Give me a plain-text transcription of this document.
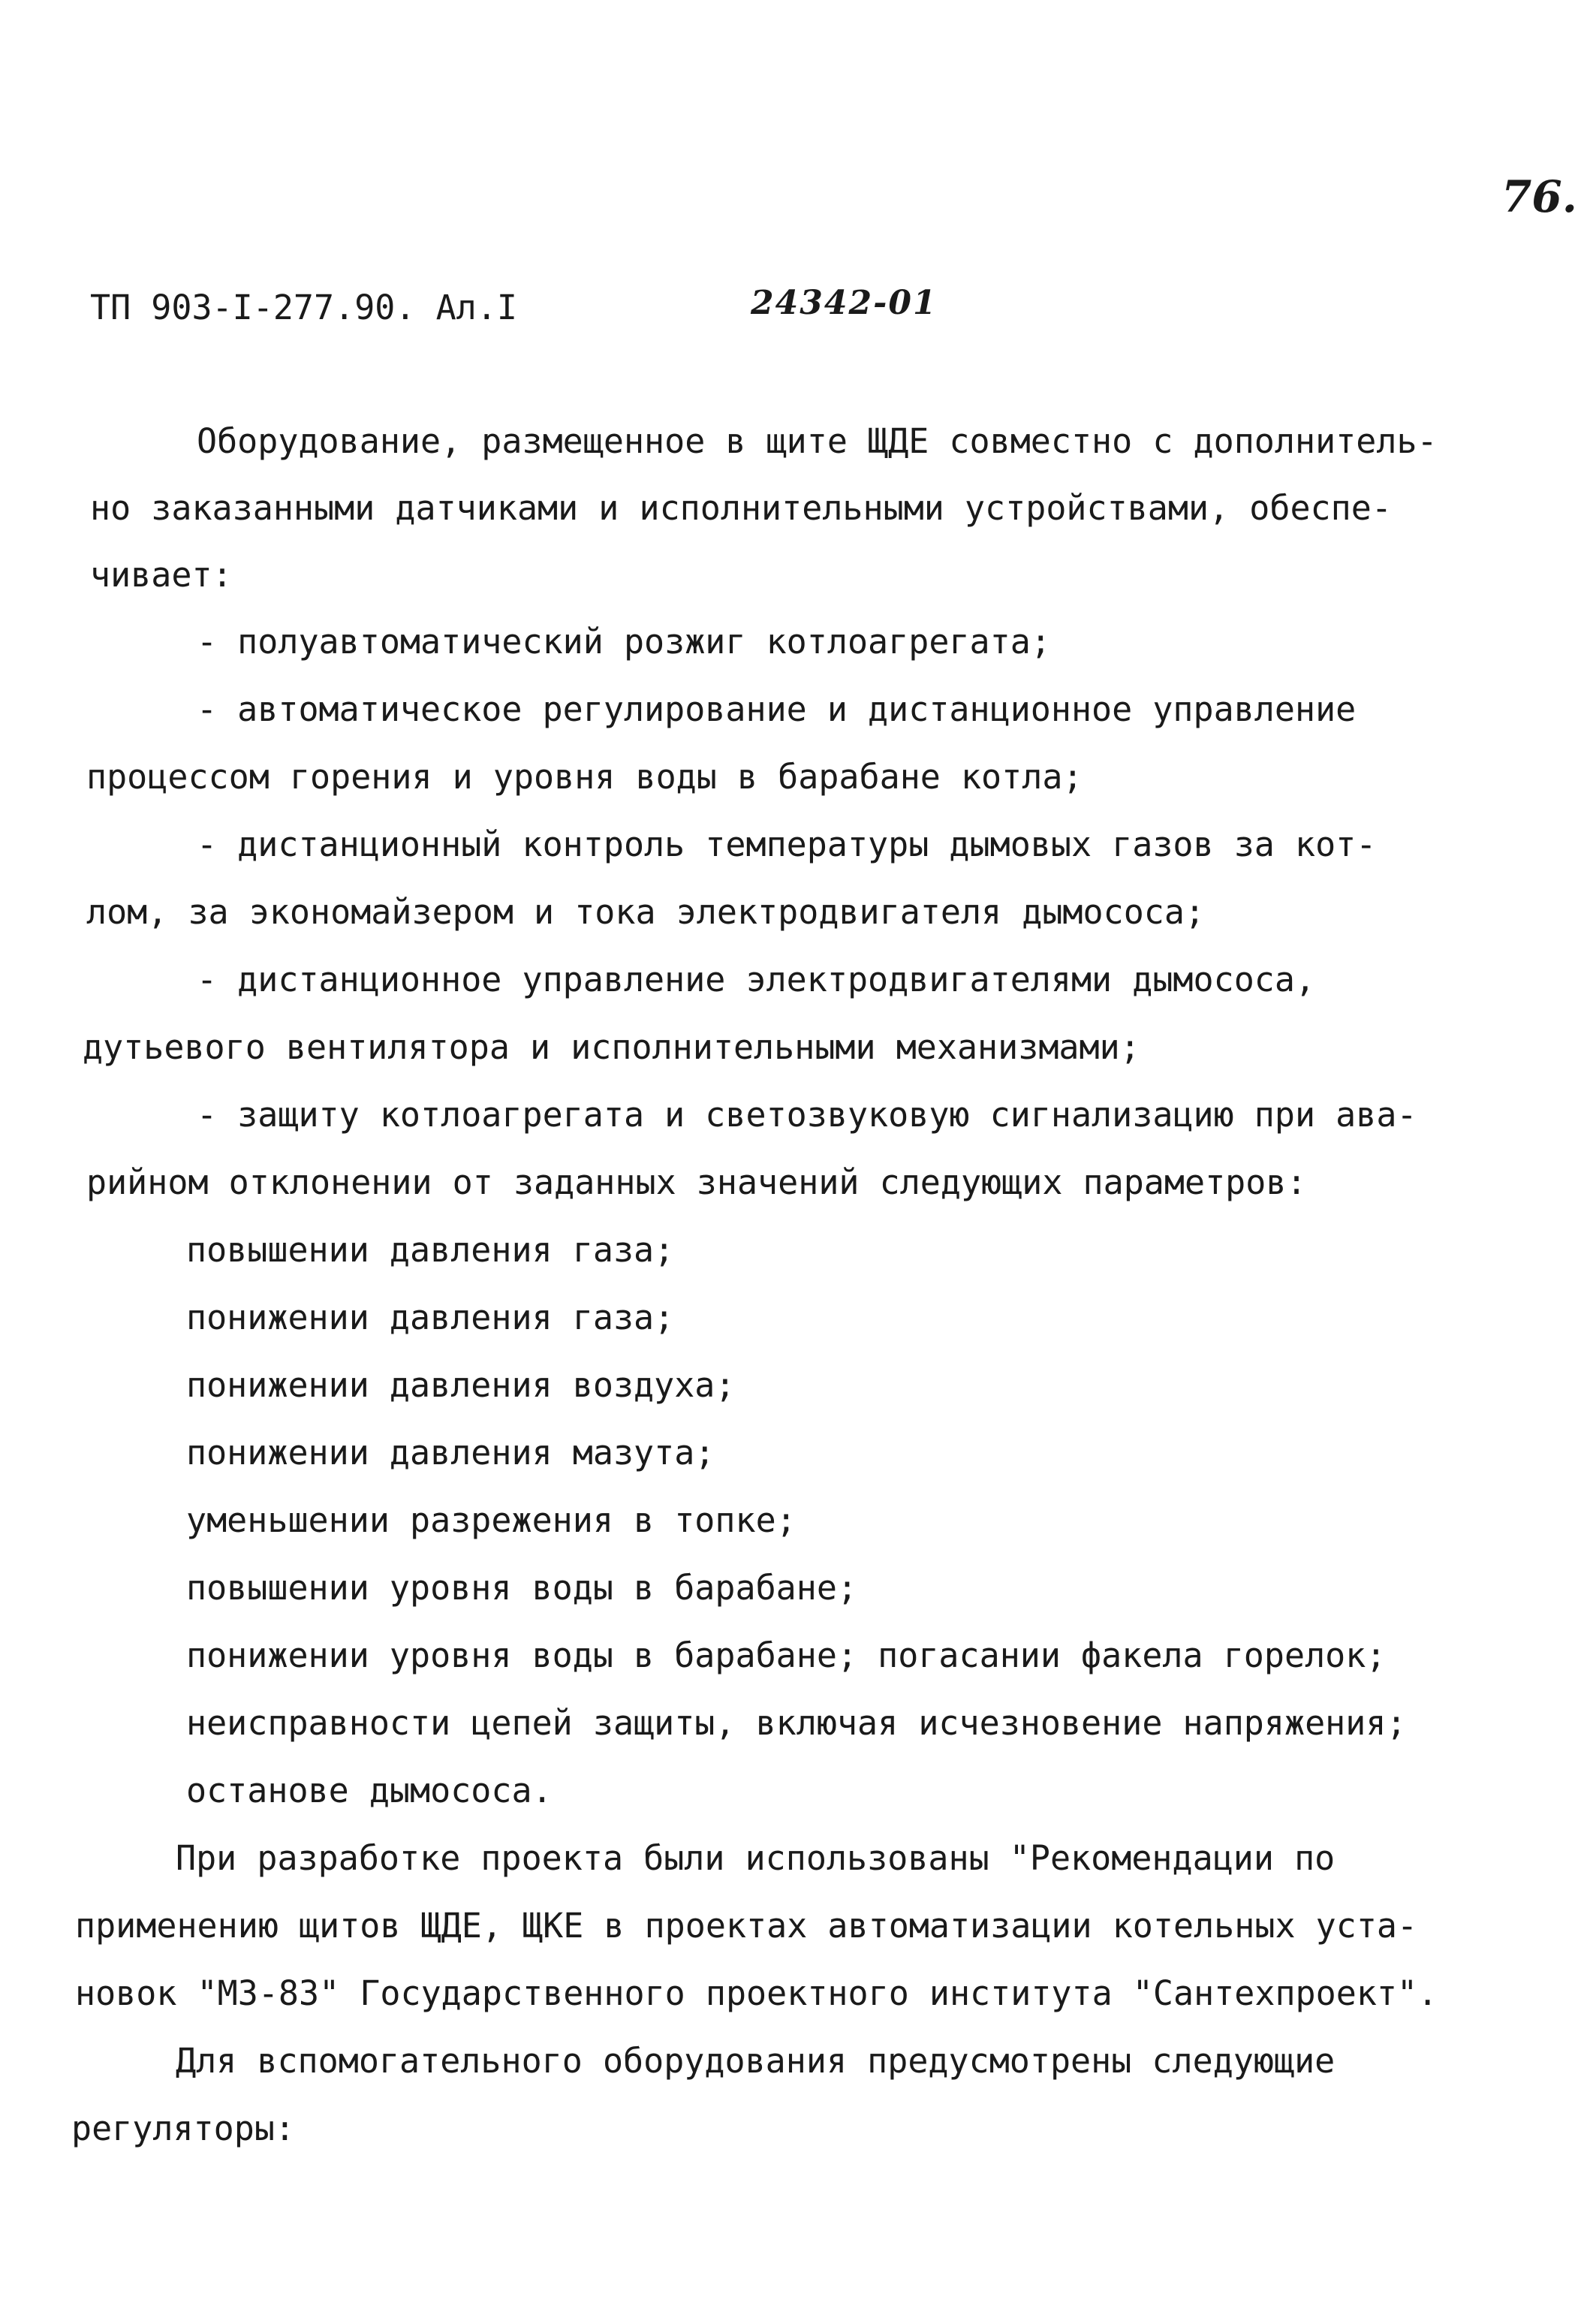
76.
ТП 903-I-277.90. Ал.I	24342-01
Оборудование, размещенное в щите ЩДЕ совместно с дополнитель-
но заказанными датчиками и исполнительными устройствами, обеспе-
чивает:
- полуавтоматический розжиг котлоагрегата;
- автоматическое регулирование и дистанционное управление
процессом горения и уровня воды в барабане котла;
- дистанционный контроль температуры дымовых газов за кот-
лом, за экономайзером и тока электродвигателя дымососа;
- дистанционное управление электродвигателями дымососа,
дутьевого вентилятора и исполнительными механизмами;
- защиту котлоагрегата и светозвуковую сигнализацию при ава-
рийном отклонении от заданных значений следующих параметров:
повышении давления газа;
понижении давления газа;
понижении давления воздуха;
понижении давления мазута;
уменьшении разрежения в топке;
повышении уровня воды в барабане;
понижении уровня воды в барабане; погасании факела горелок;
неисправности цепей защиты, включая исчезновение напряжения;
останове дымососа.
При разработке проекта были использованы "Рекомендации по
применению щитов ЩДЕ, ЩКЕ в проектах автоматизации котельных уста-
новок "МЗ-83" Государственного проектного института "Сантехпроект".
Для вспомогательного оборудования предусмотрены следующие
регуляторы:
